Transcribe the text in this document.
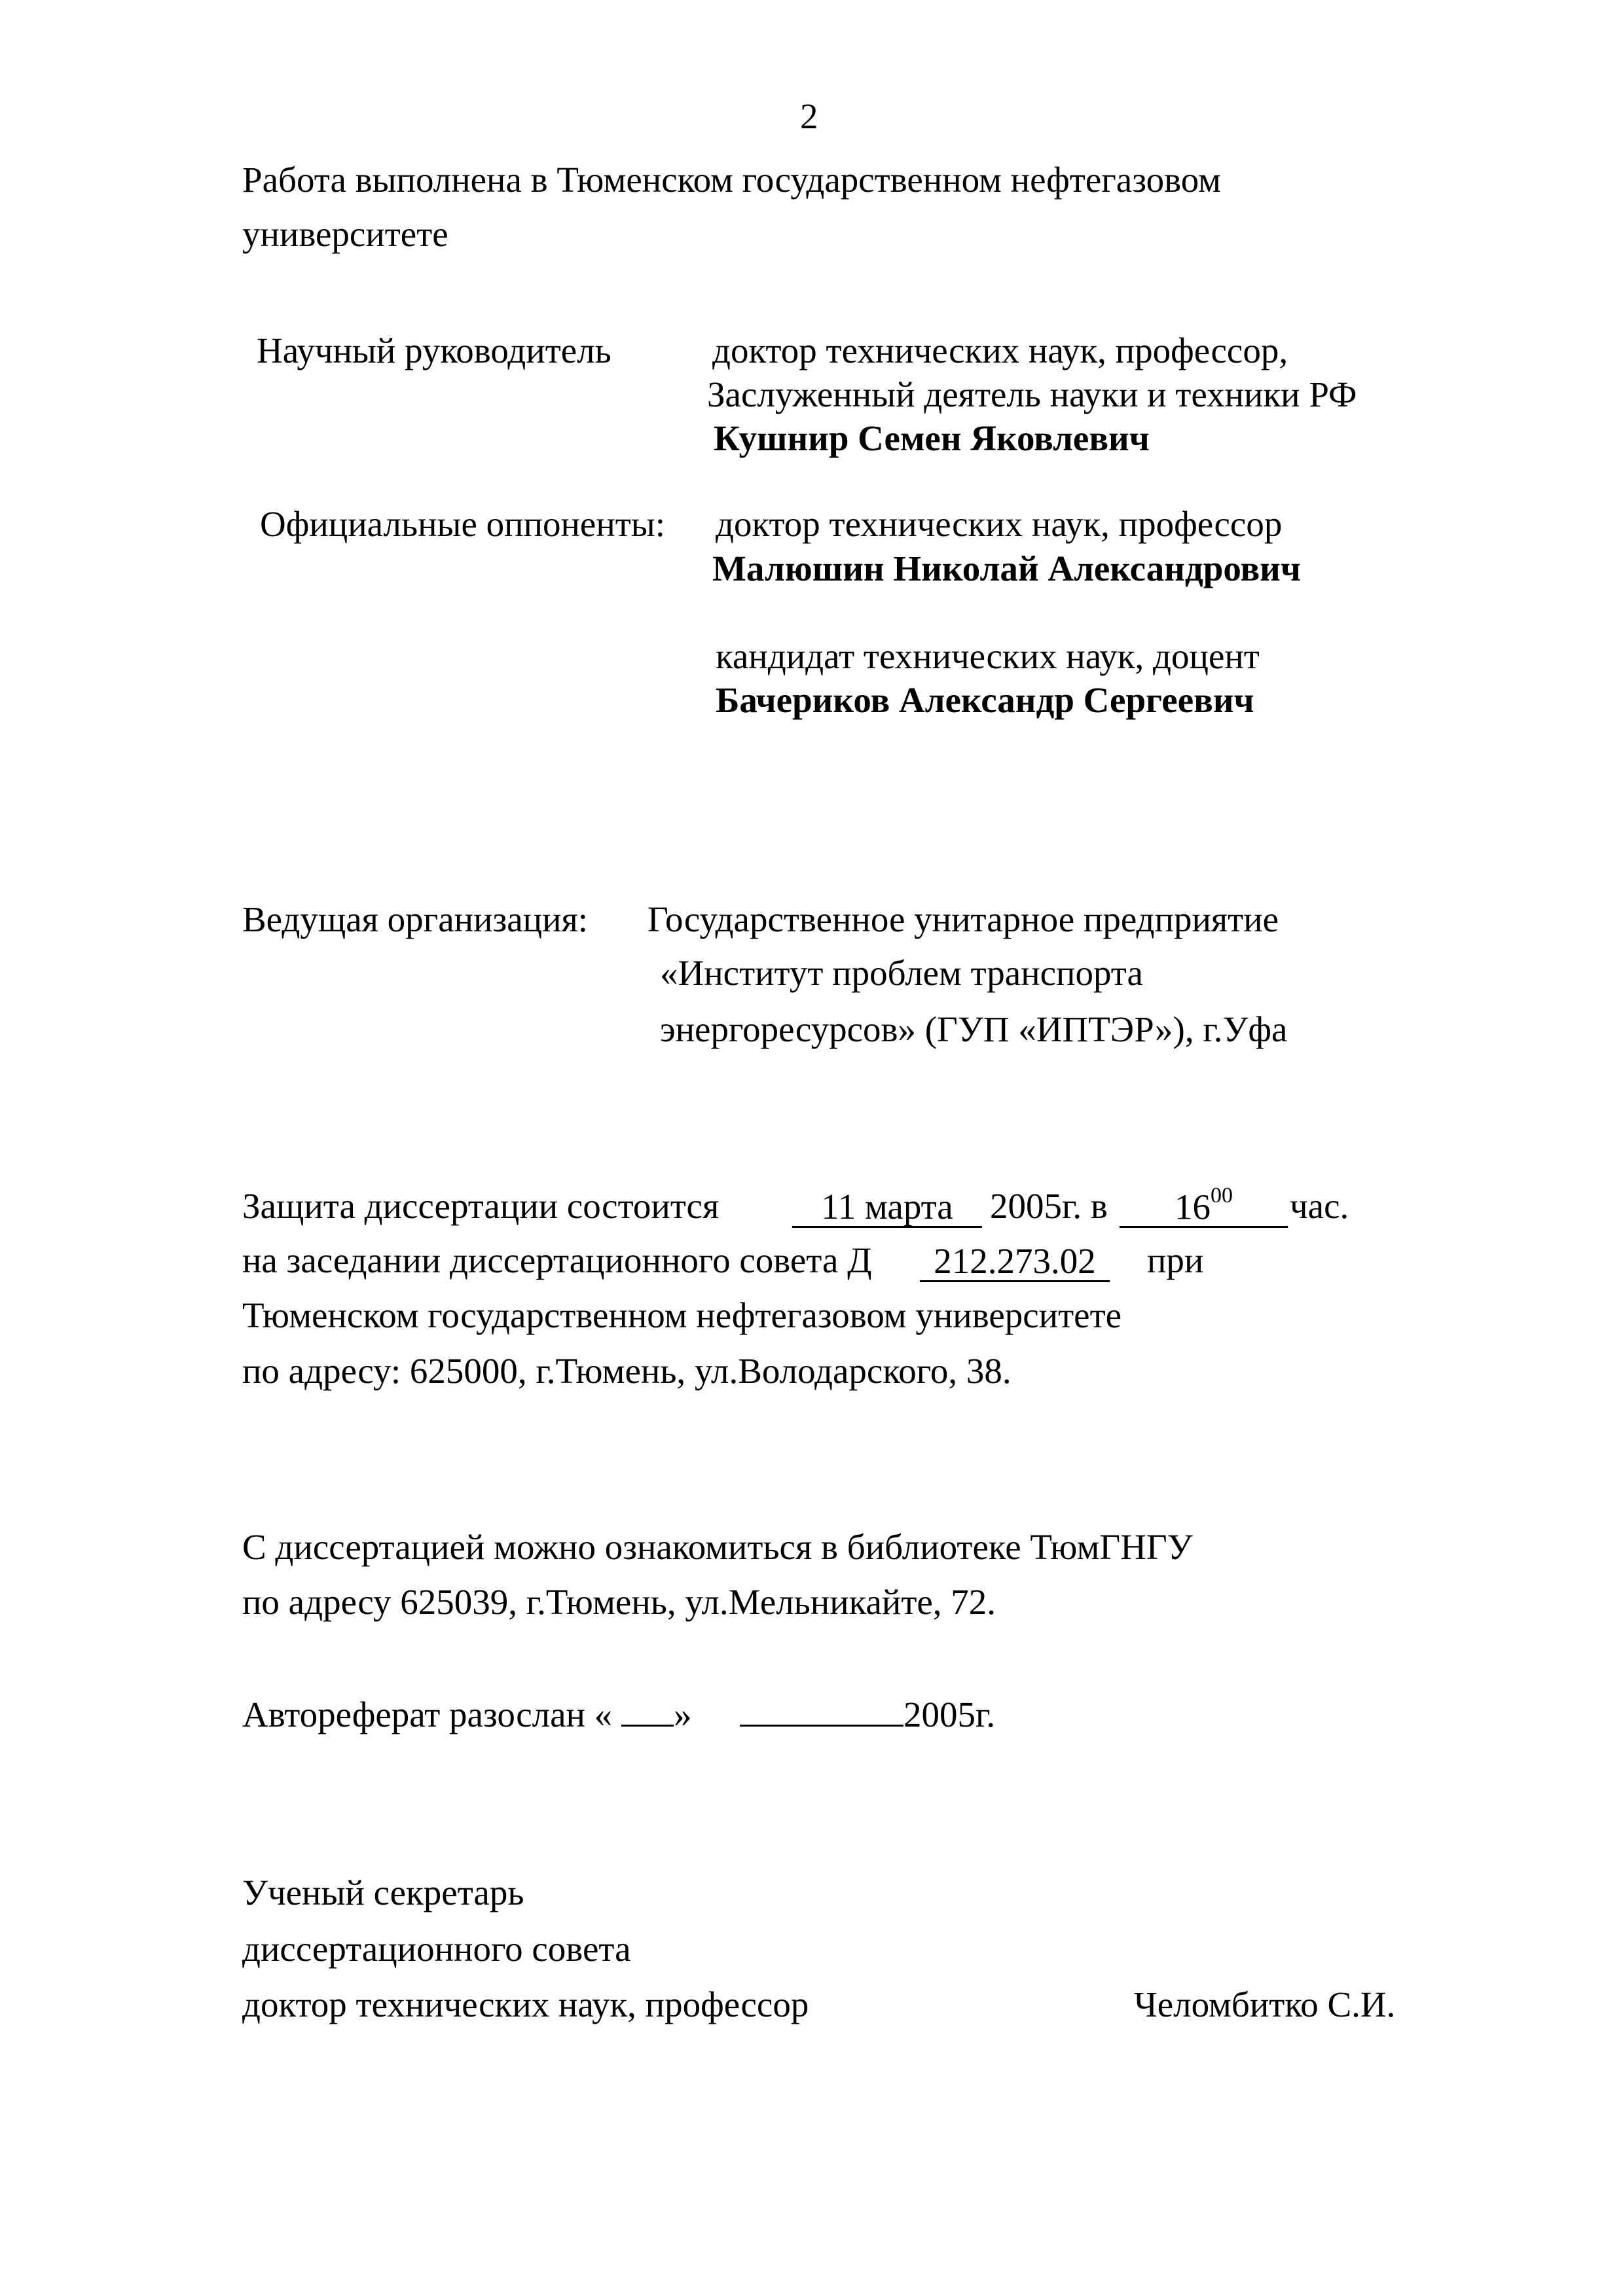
2
Работа выполнена в Тюменском государственном нефтегазовом
университете
Научный руководитель	доктор технических наук, профессор,
Заслуженный деятель науки и техники РФ
Кушнир Семен Яковлевич
Официальные оппоненты: доктор технических наук, профессор
Малюшин Николай Александрович
кандидат технических наук, доцент
Бачериков Александр Сергеевич
Ведущая организация: Государственное унитарное предприятие
«Институт проблем транспорта
энергоресурсов» (ГУП «ИПТЭР»), г.Уфа
Защита диссертации состоится	11 марта	2005г. в	$16^{00}$	час.
на заседании диссертационного совета Д	212.273.02	при
Тюменском государственном нефтегазовом университете
по адресу: 625000, г.Тюмень, ул.Володарского, 38.
С диссертацией можно ознакомиться в библиотеке ТюмГНГУ
по адресу 625039, г.Тюмень, ул.Мельникайте, 72.
Автореферат разослан « »	2005г.
Ученый секретарь
диссертационного совета
доктор технических наук, профессор	Челомбитко С.И.
